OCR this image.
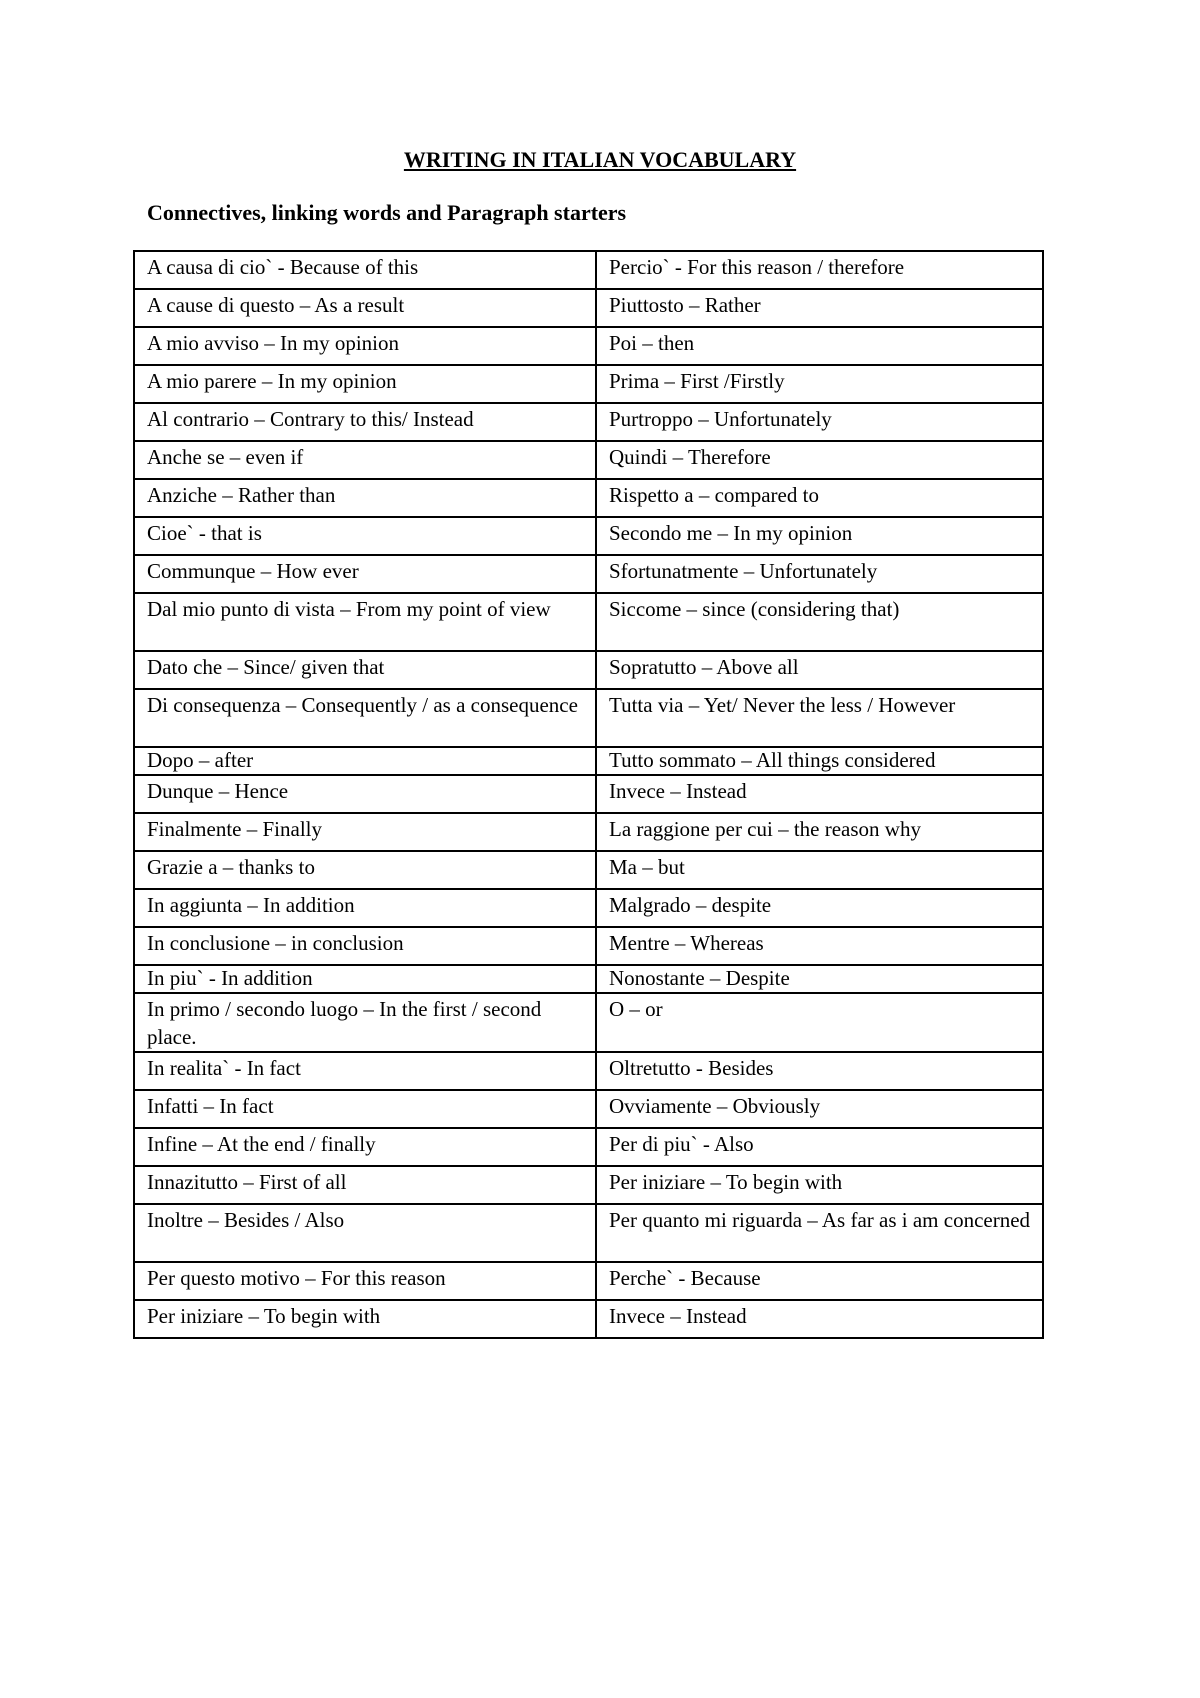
WRITING IN ITALIAN VOCABULARY
Connectives, linking words and Paragraph starters
A causa di cio` - Because of this	Percio` - For this reason / therefore
A cause di questo – As a result	Piuttosto – Rather
A mio avviso – In my opinion	Poi – then
A mio parere – In my opinion	Prima – First /Firstly
Al contrario – Contrary to this/ Instead	Purtroppo – Unfortunately
Anche se – even if	Quindi – Therefore
Anziche – Rather than	Rispetto a – compared to
Cioe` - that is	Secondo me – In my opinion
Communque – How ever	Sfortunatmente – Unfortunately
Dal mio punto di vista – From my point of view	Siccome – since (considering that)
Dato che – Since/ given that	Sopratutto – Above all
Di consequenza – Consequently / as a consequence	Tutta via – Yet/ Never the less / However
Dopo – after	Tutto sommato – All things considered
Dunque – Hence	Invece – Instead
Finalmente – Finally	La raggione per cui – the reason why
Grazie a – thanks to	Ma – but
In aggiunta – In addition	Malgrado – despite
In conclusione – in conclusion	Mentre – Whereas
In piu` - In addition	Nonostante – Despite
In primo / secondo luogo – In the first / second place.	O – or
In realita` - In fact	Oltretutto - Besides
Infatti – In fact	Ovviamente – Obviously
Infine – At the end / finally	Per di piu` - Also
Innazitutto – First of all	Per iniziare – To begin with
Inoltre – Besides / Also	Per quanto mi riguarda – As far as i am concerned
Per questo motivo – For this reason	Perche` - Because
Per iniziare – To begin with	Invece – Instead
